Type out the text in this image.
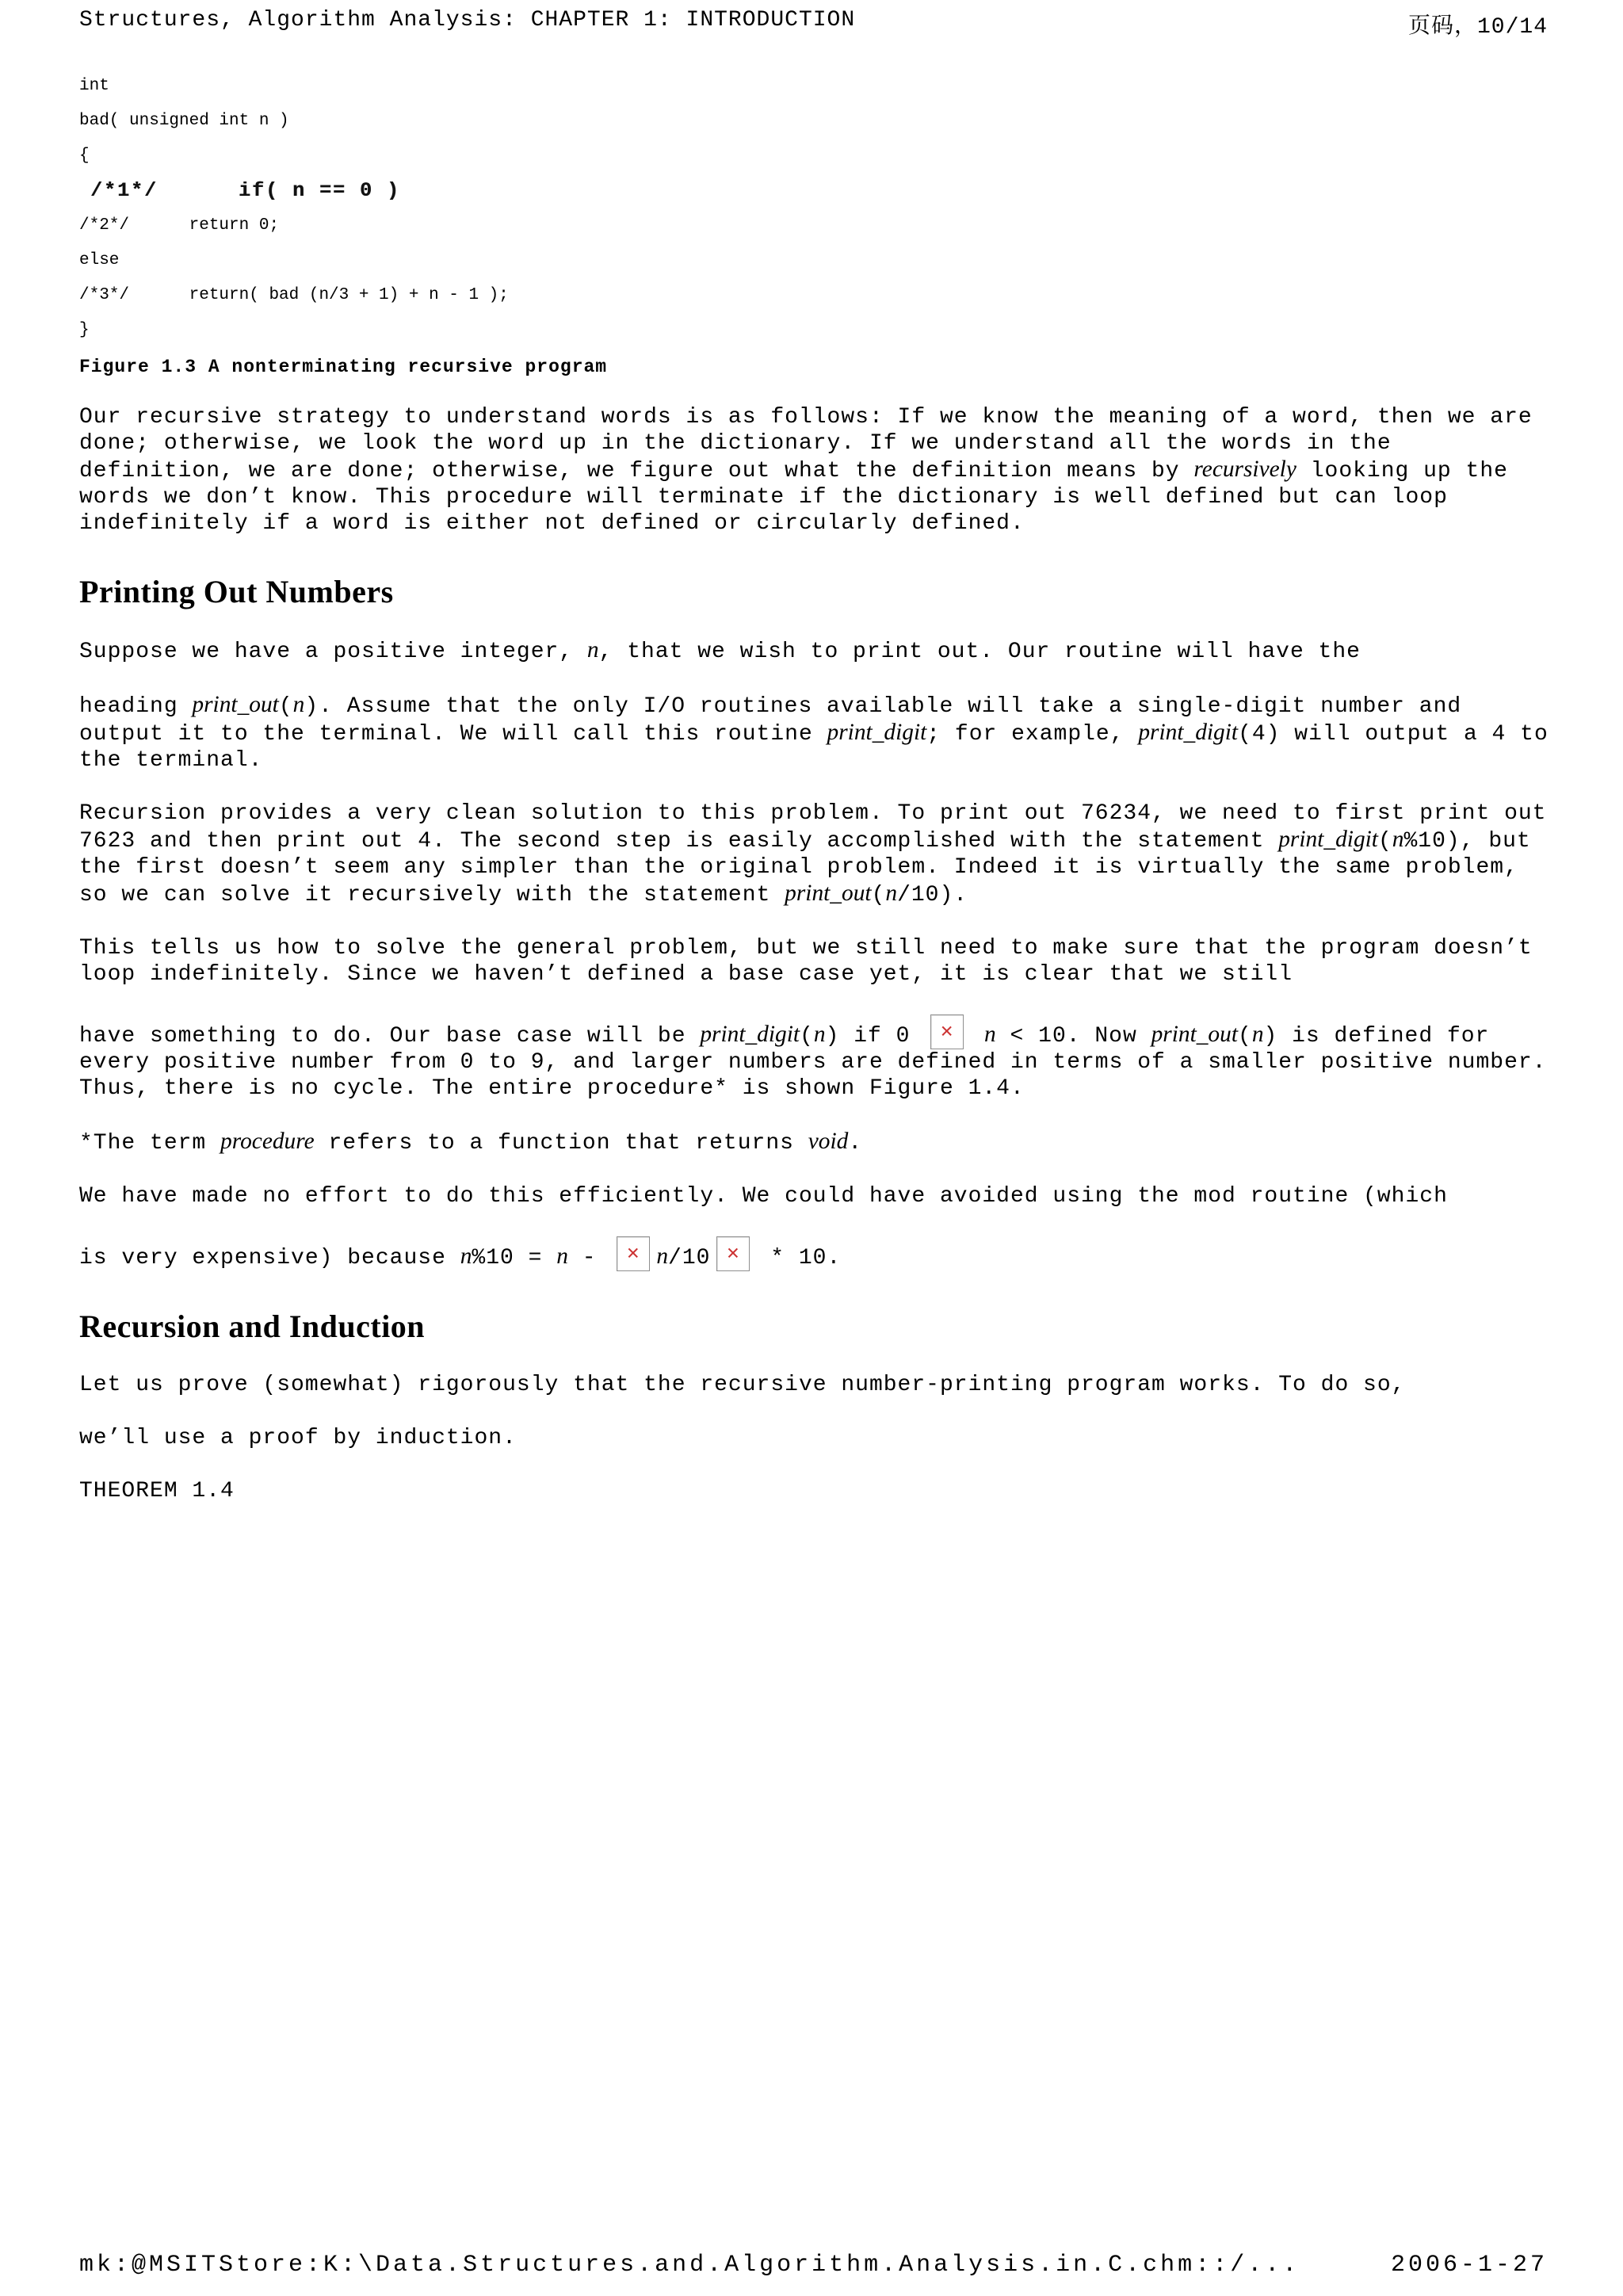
Structures, Algorithm Analysis: CHAPTER 1: INTRODUCTION	页码，10/14
int
bad( unsigned int n )
{
/*1*/      if( n == 0 )
/*2*/      return 0;
else
/*3*/      return( bad (n/3 + 1) + n - 1 );
}

Figure 1.3 A nonterminating recursive program

Our recursive strategy to understand words is as follows: If we know the meaning of a word, then we are done; otherwise, we look the word up in the dictionary. If we understand all the words in the definition, we are done; otherwise, we figure out what the definition means by recursively looking up the words we don’t know. This procedure will terminate if the dictionary is well defined but can loop indefinitely if a word is either not defined or circularly defined.

Printing Out Numbers

Suppose we have a positive integer, n, that we wish to print out. Our routine will have the

heading print_out(n). Assume that the only I/O routines available will take a single-digit number and output it to the terminal. We will call this routine print_digit; for example, print_digit(4) will output a 4 to the terminal.

Recursion provides a very clean solution to this problem. To print out 76234, we need to first print out 7623 and then print out 4. The second step is easily accomplished with the statement print_digit(n%10), but the first doesn’t seem any simpler than the original problem. Indeed it is virtually the same problem, so we can solve it recursively with the statement print_out(n/10).

This tells us how to solve the general problem, but we still need to make sure that the program doesn’t loop indefinitely. Since we haven’t defined a base case yet, it is clear that we still

have something to do. Our base case will be print_digit(n) if 0 ✕ n < 10. Now print_out(n) is defined for every positive number from 0 to 9, and larger numbers are defined in terms of a smaller positive number. Thus, there is no cycle. The entire procedure* is shown Figure 1.4.

*The term procedure refers to a function that returns void.

We have made no effort to do this efficiently. We could have avoided using the mod routine (which

is very expensive) because n%10 = n - ✕ n/10 ✕ * 10.

Recursion and Induction

Let us prove (somewhat) rigorously that the recursive number-printing program works. To do so,

we’ll use a proof by induction.

THEOREM 1.4

mk:@MSITStore:K:\Data.Structures.and.Algorithm.Analysis.in.C.chm::/...	2006-1-27
